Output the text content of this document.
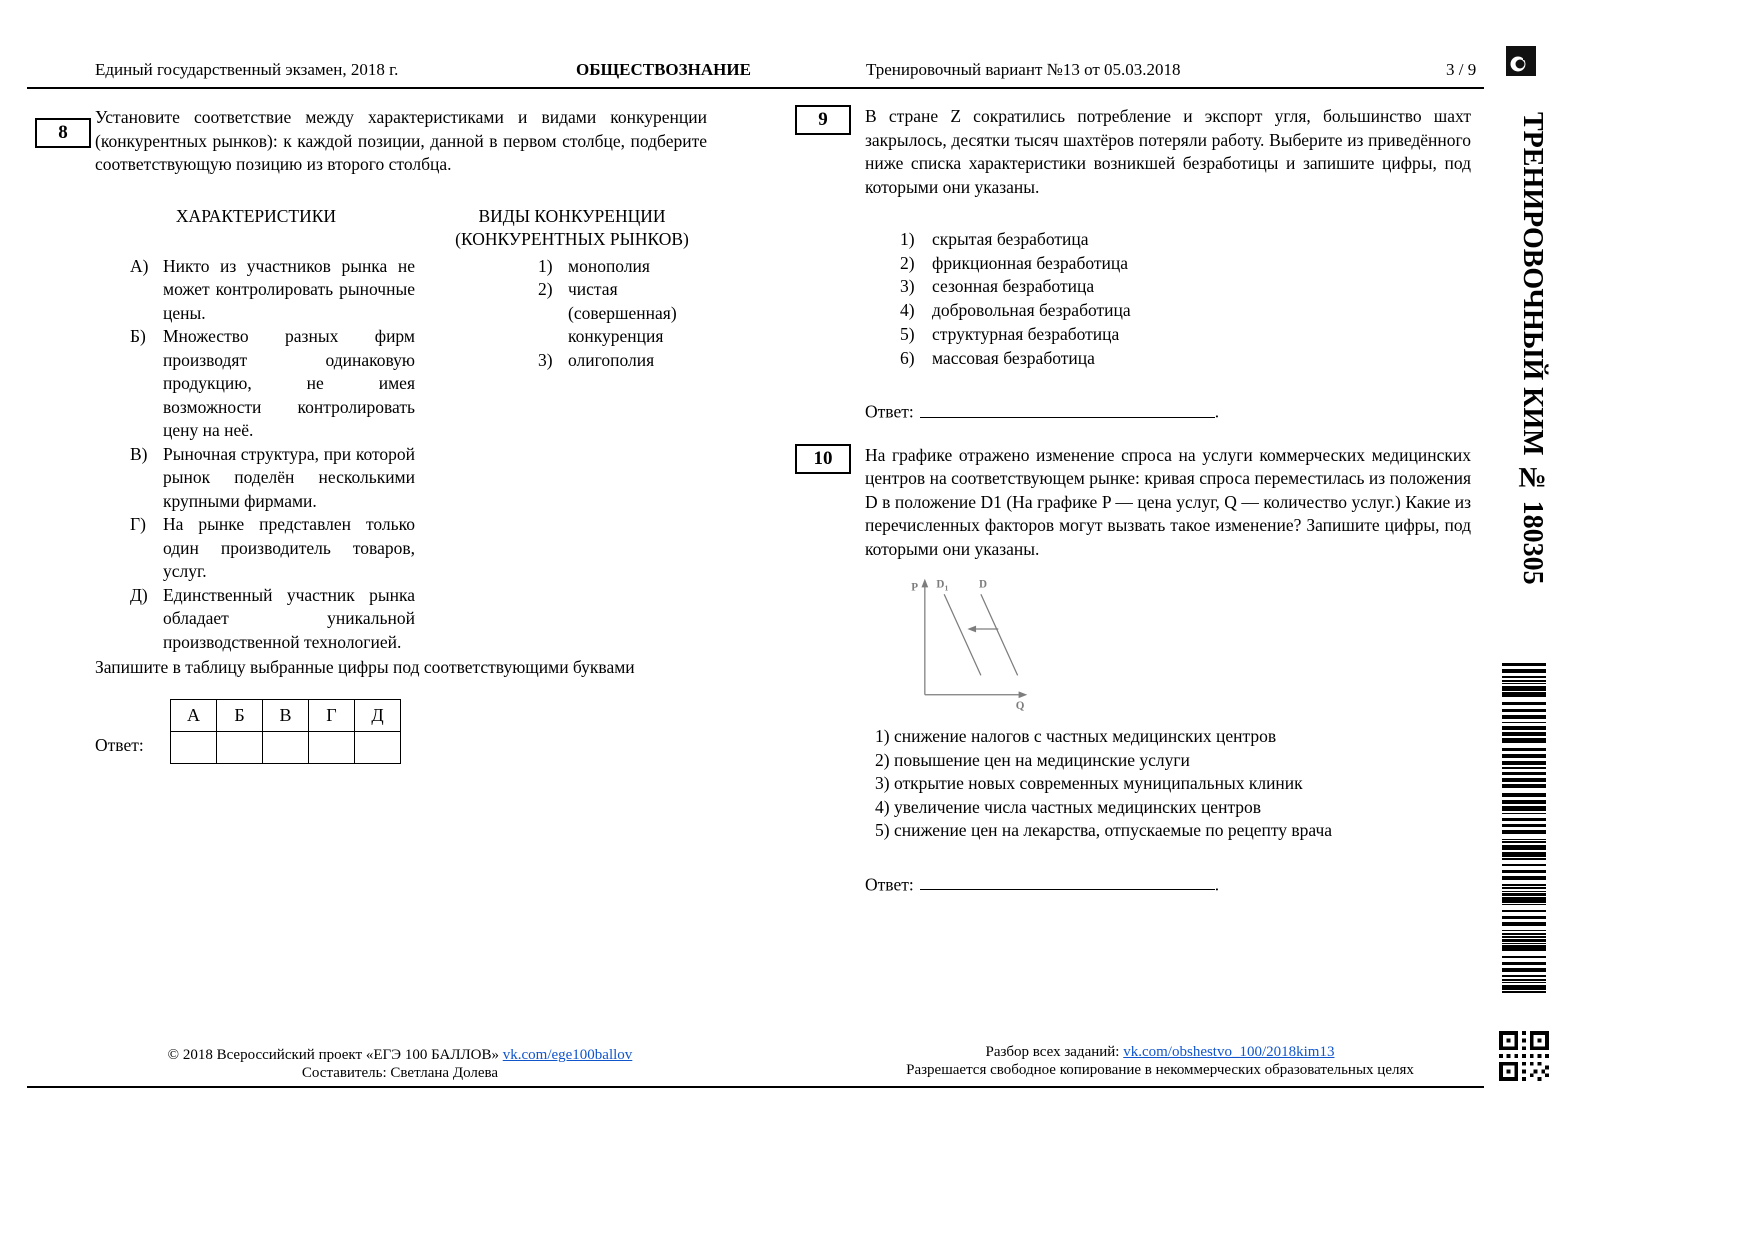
Единый государственный экзамен, 2018 г.	ОБЩЕСТВОЗНАНИЕ	Тренировочный вариант №13 от 05.03.2018	3 / 9
ТРЕНИРОВОЧНЫЙ КИМ № 180305
8

Установите соответствие между характеристиками и видами конкуренции (конкурентных рынков): к каждой позиции, данной в первом столбце, подберите соответствующую позицию из второго столбца.

ХАРАКТЕРИСТИКИ	ВИДЫ КОНКУРЕНЦИИ
(КОНКУРЕНТНЫХ РЫНКОВ)
А) Никто из участников рынка не может контролировать рыночные цены.
Б) Множество разных фирм производят одинаковую продукцию, не имея возможности контролировать цену на неё.
В) Рыночная структура, при которой рынок поделён несколькими крупными фирмами.
Г) На рынке представлен только один производитель товаров, услуг.
Д) Единственный участник рынка обладает уникальной производственной технологией.
1) монополия
2) чистая (совершенная) конкуренция
3) олигополия

Запишите в таблицу выбранные цифры под соответствующими буквами

Ответ:
А	Б	В	Г	Д

9	В стране Z сократились потребление и экспорт угля, большинство шахт закрылось, десятки тысяч шахтёров потеряли работу. Выберите из приведённого ниже списка характеристики возникшей безработицы и запишите цифры, под которыми они указаны.

1) скрытая безработица
2) фрикционная безработица
3) сезонная безработица
4) добровольная безработица
5) структурная безработица
6) массовая безработица
Ответ:	.
10	На графике отражено изменение спроса на услуги коммерческих медицинских центров на соответствующем рынке: кривая спроса переместилась из положения D в положение D1 (На графике P — цена услуг, Q — количество услуг.) Какие из перечисленных факторов могут вызвать такое изменение? Запишите цифры, под которыми они указаны.

P $D_1$	D
Q
1) снижение налогов с частных медицинских центров
2) повышение цен на медицинские услуги
3) открытие новых современных муниципальных клиник
4) увеличение числа частных медицинских центров
5) снижение цен на лекарства, отпускаемые по рецепту врача
Ответ:	.
© 2018 Всероссийский проект «ЕГЭ 100 БАЛЛОВ» vk.com/ege100ballov
Составитель: Светлана Долева
Разбор всех заданий: vk.com/obshestvo_100/2018kim13
Разрешается свободное копирование в некоммерческих образовательных целях
